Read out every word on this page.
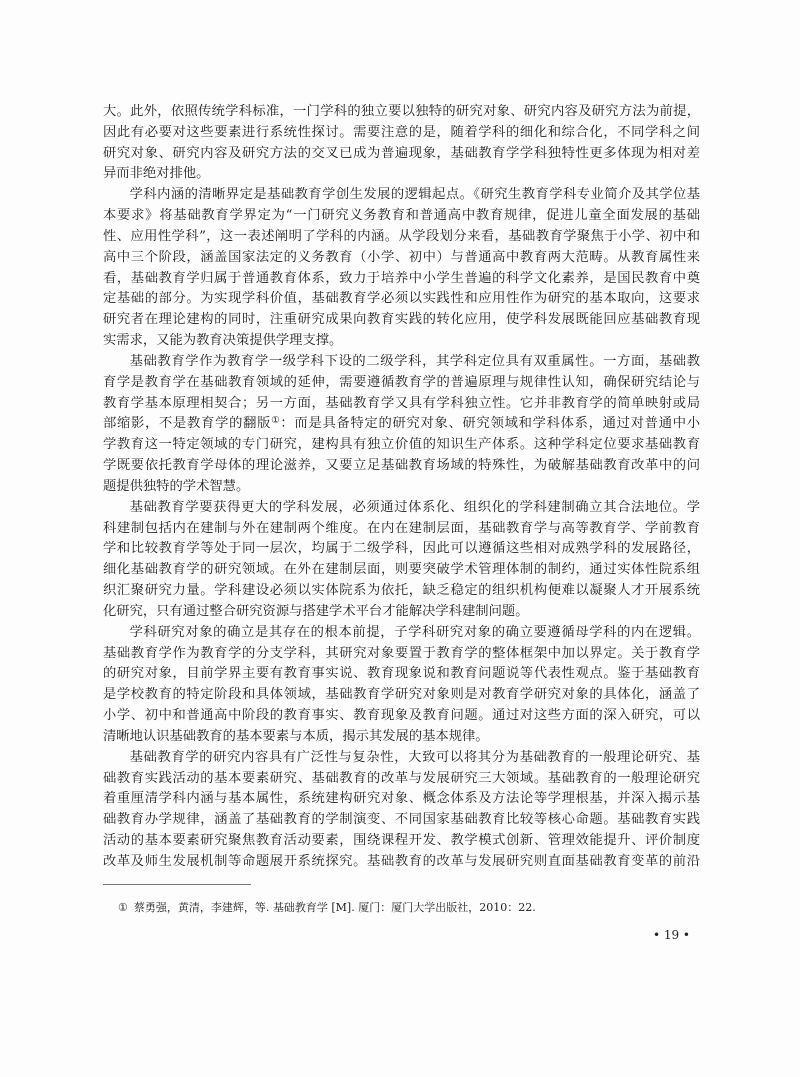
大。此外，依照传统学科标准，一门学科的独立要以独特的研究对象、研究内容及研究方法为前提，
因此有必要对这些要素进行系统性探讨。需要注意的是，随着学科的细化和综合化，不同学科之间
研究对象、研究内容及研究方法的交叉已成为普遍现象，基础教育学学科独特性更多体现为相对差
异而非绝对排他。
学科内涵的清晰界定是基础教育学创生发展的逻辑起点。《研究生教育学科专业简介及其学位基
本要求》将基础教育学界定为“一门研究义务教育和普通高中教育规律，促进儿童全面发展的基础
性、应用性学科”，这一表述阐明了学科的内涵。从学段划分来看，基础教育学聚焦于小学、初中和
高中三个阶段，涵盖国家法定的义务教育（小学、初中）与普通高中教育两大范畴。从教育属性来
看，基础教育学归属于普通教育体系，致力于培养中小学生普遍的科学文化素养，是国民教育中奠
定基础的部分。为实现学科价值，基础教育学必须以实践性和应用性作为研究的基本取向，这要求
研究者在理论建构的同时，注重研究成果向教育实践的转化应用，使学科发展既能回应基础教育现
实需求，又能为教育决策提供学理支撑。
基础教育学作为教育学一级学科下设的二级学科，其学科定位具有双重属性。一方面，基础教
育学是教育学在基础教育领域的延伸，需要遵循教育学的普遍原理与规律性认知，确保研究结论与
教育学基本原理相契合；另一方面，基础教育学又具有学科独立性。它并非教育学的简单映射或局
部缩影，不是教育学的翻版①：而是具备特定的研究对象、研究领域和学科体系，通过对普通中小
学教育这一特定领域的专门研究，建构具有独立价值的知识生产体系。这种学科定位要求基础教育
学既要依托教育学母体的理论滋养，又要立足基础教育场域的特殊性，为破解基础教育改革中的问
题提供独特的学术智慧。
基础教育学要获得更大的学科发展，必须通过体系化、组织化的学科建制确立其合法地位。学
科建制包括内在建制与外在建制两个维度。在内在建制层面，基础教育学与高等教育学、学前教育
学和比较教育学等处于同一层次，均属于二级学科，因此可以遵循这些相对成熟学科的发展路径，
细化基础教育学的研究领域。在外在建制层面，则要突破学术管理体制的制约，通过实体性院系组
织汇聚研究力量。学科建设必须以实体院系为依托，缺乏稳定的组织机构便难以凝聚人才开展系统
化研究，只有通过整合研究资源与搭建学术平台才能解决学科建制问题。
学科研究对象的确立是其存在的根本前提，子学科研究对象的确立要遵循母学科的内在逻辑。
基础教育学作为教育学的分支学科，其研究对象要置于教育学的整体框架中加以界定。关于教育学
的研究对象，目前学界主要有教育事实说、教育现象说和教育问题说等代表性观点。鉴于基础教育
是学校教育的特定阶段和具体领域，基础教育学研究对象则是对教育学研究对象的具体化，涵盖了
小学、初中和普通高中阶段的教育事实、教育现象及教育问题。通过对这些方面的深入研究，可以
清晰地认识基础教育的基本要素与本质，揭示其发展的基本规律。
基础教育学的研究内容具有广泛性与复杂性，大致可以将其分为基础教育的一般理论研究、基
础教育实践活动的基本要素研究、基础教育的改革与发展研究三大领域。基础教育的一般理论研究
着重厘清学科内涵与基本属性，系统建构研究对象、概念体系及方法论等学理根基，并深入揭示基
础教育办学规律，涵盖了基础教育的学制演变、不同国家基础教育比较等核心命题。基础教育实践
活动的基本要素研究聚焦教育活动要素，围绕课程开发、教学模式创新、管理效能提升、评价制度
改革及师生发展机制等命题展开系统探究。基础教育的改革与发展研究则直面基础教育变革的前沿
① 蔡勇强，黄清，李建辉，等. 基础教育学 [M]. 厦门：厦门大学出版社，2010：22.
• 19 •
